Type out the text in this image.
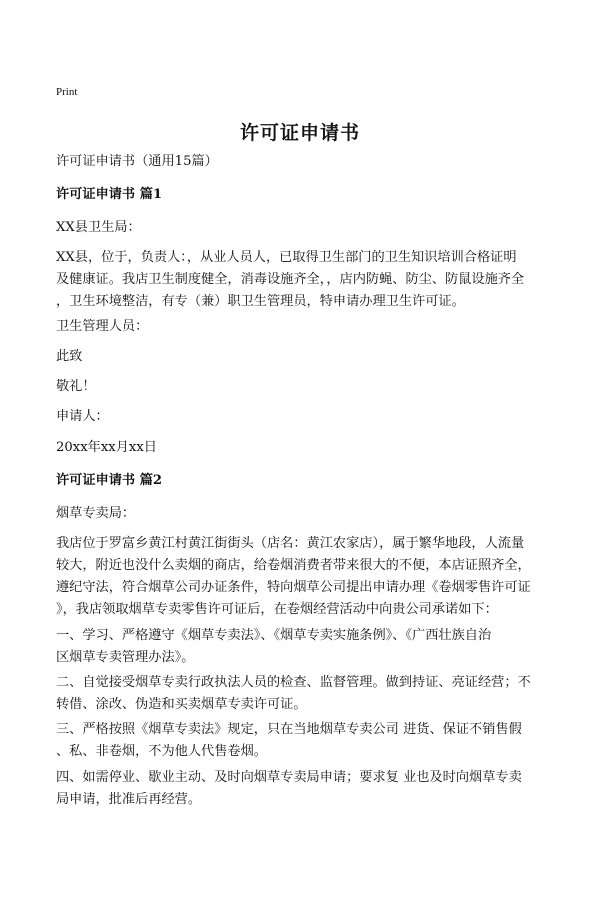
Print
许可证申请书
许可证申请书（通用15篇）
许可证申请书 篇1
XX县卫生局：
XX县，位于，负责人：，从业人员人，已取得卫生部门的卫生知识培训合格证明
及健康证。我店卫生制度健全，消毒设施齐全，，店内防蝇、防尘、防鼠设施齐全
，卫生环境整洁，有专（兼）职卫生管理员，特申请办理卫生许可证。
卫生管理人员：
此致
敬礼！
申请人：
20xx年xx月xx日
许可证申请书 篇2
烟草专卖局：
我店位于罗富乡黄江村黄江街街头（店名：黄江农家店），属于繁华地段，人流量
较大，附近也没什么卖烟的商店，给卷烟消费者带来很大的不便，本店证照齐全，
遵纪守法，符合烟草公司办证条件，特向烟草公司提出申请办理《卷烟零售许可证
》，我店领取烟草专卖零售许可证后，在卷烟经营活动中向贵公司承诺如下：
一、学习、严格遵守《烟草专卖法》、《烟草专卖实施条例》、《广西壮族自治
区烟草专卖管理办法》。
二、自觉接受烟草专卖行政执法人员的检查、监督管理。做到持证、亮证经营；不
转借、涂改、伪造和买卖烟草专卖许可证。
三、严格按照《烟草专卖法》规定，只在当地烟草专卖公司 进货、保证不销售假
、私、非卷烟，不为他人代售卷烟。
四、如需停业、歇业主动、及时向烟草专卖局申请；要求复 业也及时向烟草专卖
局申请，批准后再经营。
